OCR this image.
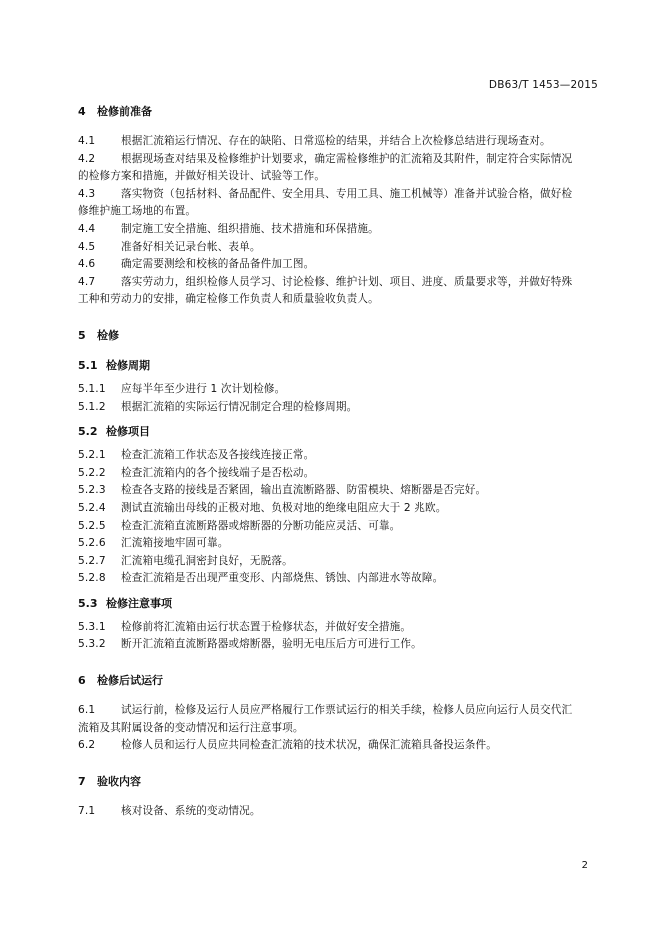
DB63/T 1453—2015
4 检修前准备

4.1 根据汇流箱运行情况、存在的缺陷、日常巡检的结果，并结合上次检修总结进行现场查对。

4.2 根据现场查对结果及检修维护计划要求，确定需检修维护的汇流箱及其附件，制定符合实际情况
的检修方案和措施，并做好相关设计、试验等工作。

4.3 落实物资（包括材料、备品配件、安全用具、专用工具、施工机械等）准备并试验合格，做好检
修维护施工场地的布置。

4.4 制定施工安全措施、组织措施、技术措施和环保措施。

4.5 准备好相关记录台帐、表单。

4.6 确定需要测绘和校核的备品备件加工图。

4.7 落实劳动力，组织检修人员学习、讨论检修、维护计划、项目、进度、质量要求等，并做好特殊
工种和劳动力的安排，确定检修工作负责人和质量验收负责人。

5 检修
5.1 检修周期

5.1.1 应每半年至少进行 1 次计划检修。

5.1.2 根据汇流箱的实际运行情况制定合理的检修周期。

5.2 检修项目

5.2.1 检查汇流箱工作状态及各接线连接正常。

5.2.2 检查汇流箱内的各个接线端子是否松动。

5.2.3 检查各支路的接线是否紧固，输出直流断路器、防雷模块、熔断器是否完好。

5.2.4 测试直流输出母线的正极对地、负极对地的绝缘电阻应大于 2 兆欧。

5.2.5 检查汇流箱直流断路器或熔断器的分断功能应灵活、可靠。

5.2.6 汇流箱接地牢固可靠。

5.2.7 汇流箱电缆孔洞密封良好，无脱落。

5.2.8 检查汇流箱是否出现严重变形、内部烧焦、锈蚀、内部进水等故障。

5.3 检修注意事项

5.3.1 检修前将汇流箱由运行状态置于检修状态，并做好安全措施。

5.3.2 断开汇流箱直流断路器或熔断器，验明无电压后方可进行工作。

6 检修后试运行

6.1 试运行前，检修及运行人员应严格履行工作票试运行的相关手续，检修人员应向运行人员交代汇
流箱及其附属设备的变动情况和运行注意事项。

6.2 检修人员和运行人员应共同检查汇流箱的技术状况，确保汇流箱具备投运条件。

7 验收内容

7.1 核对设备、系统的变动情况。

2
